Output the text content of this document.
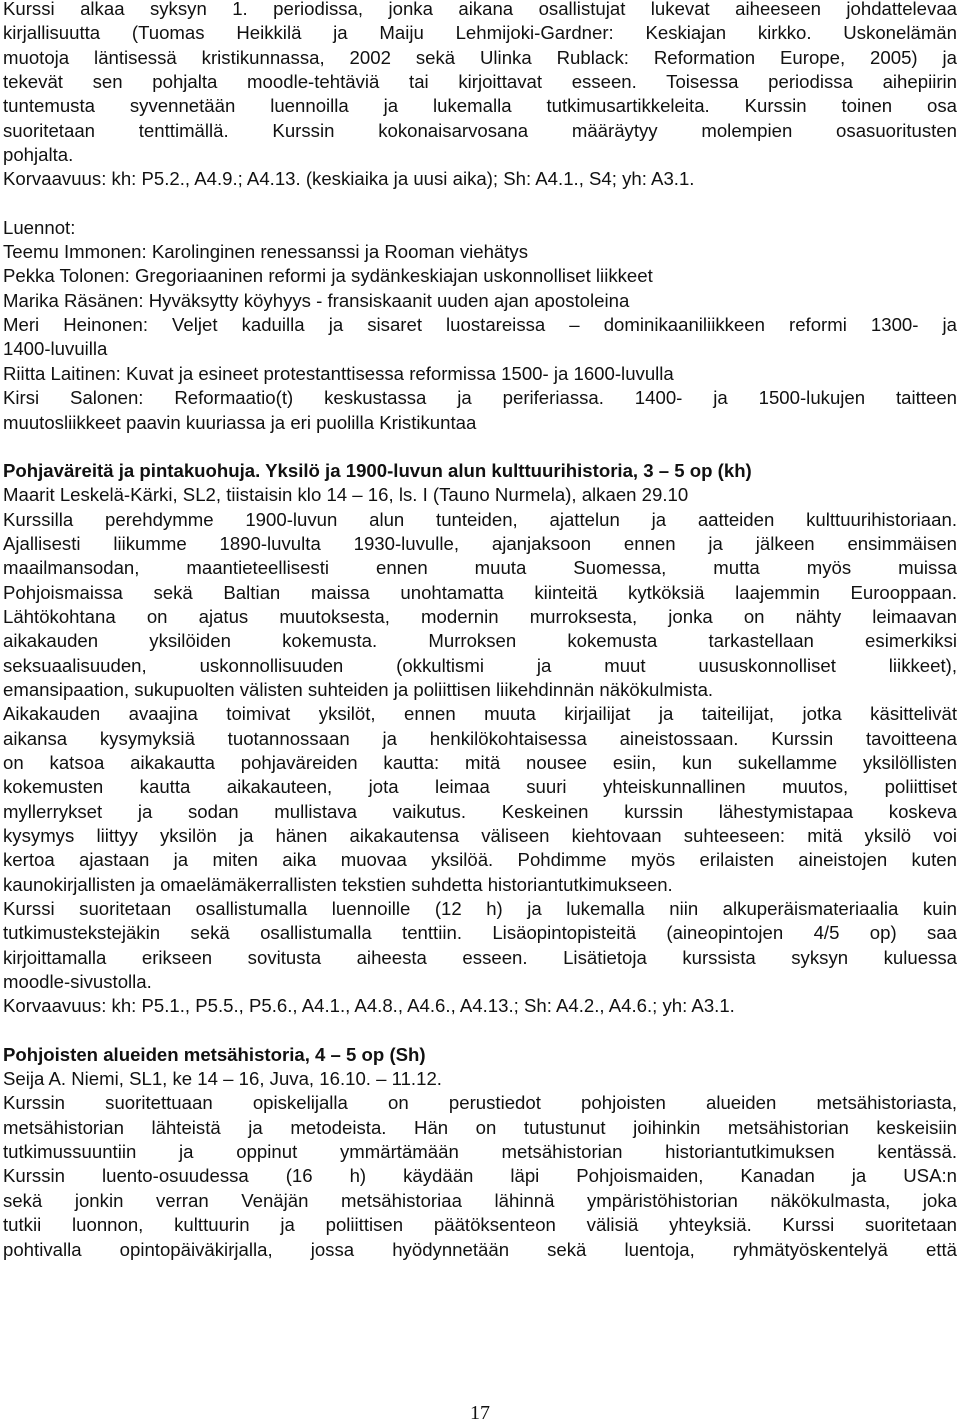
Kurssi alkaa syksyn 1. periodissa, jonka aikana osallistujat lukevat aiheeseen johdattelevaa
kirjallisuutta (Tuomas Heikkilä ja Maiju Lehmijoki-Gardner: Keskiajan kirkko. Uskonelämän
muotoja läntisessä kristikunnassa, 2002 sekä Ulinka Rublack: Reformation Europe, 2005) ja
tekevät sen pohjalta moodle-tehtäviä tai kirjoittavat esseen. Toisessa periodissa aihepiirin
tuntemusta syvennetään luennoilla ja lukemalla tutkimusartikkeleita. Kurssin toinen osa
suoritetaan tenttimällä. Kurssin kokonaisarvosana määräytyy molempien osasuoritusten
pohjalta.
Korvaavuus: kh: P5.2., A4.9.; A4.13. (keskiaika ja uusi aika); Sh: A4.1., S4; yh: A3.1.
Luennot:
Teemu Immonen: Karolinginen renessanssi ja Rooman viehätys
Pekka Tolonen: Gregoriaaninen reformi ja sydänkeskiajan uskonnolliset liikkeet
Marika Räsänen: Hyväksytty köyhyys - fransiskaanit uuden ajan apostoleina
Meri Heinonen: Veljet kaduilla ja sisaret luostareissa – dominikaaniliikkeen reformi 1300- ja
1400-luvuilla
Riitta Laitinen: Kuvat ja esineet protestanttisessa reformissa 1500- ja 1600-luvulla
Kirsi Salonen: Reformaatio(t) keskustassa ja periferiassa. 1400- ja 1500-lukujen taitteen
muutosliikkeet paavin kuuriassa ja eri puolilla Kristikuntaa
Pohjaväreitä ja pintakuohuja. Yksilö ja 1900-luvun alun kulttuurihistoria, 3 – 5 op (kh)
Maarit Leskelä-Kärki, SL2, tiistaisin klo 14 – 16, ls. I (Tauno Nurmela), alkaen 29.10
Kurssilla perehdymme 1900-luvun alun tunteiden, ajattelun ja aatteiden kulttuurihistoriaan.
Ajallisesti liikumme 1890-luvulta 1930-luvulle, ajanjaksoon ennen ja jälkeen ensimmäisen
maailmansodan, maantieteellisesti ennen muuta Suomessa, mutta myös muissa
Pohjoismaissa sekä Baltian maissa unohtamatta kiinteitä kytköksiä laajemmin Eurooppaan.
Lähtökohtana on ajatus muutoksesta, modernin murroksesta, jonka on nähty leimaavan
aikakauden yksilöiden kokemusta. Murroksen kokemusta tarkastellaan esimerkiksi
seksuaalisuuden, uskonnollisuuden (okkultismi ja muut uususkonnolliset liikkeet),
emansipaation, sukupuolten välisten suhteiden ja poliittisen liikehdinnän näkökulmista.
Aikakauden avaajina toimivat yksilöt, ennen muuta kirjailijat ja taiteilijat, jotka käsittelivät
aikansa kysymyksiä tuotannossaan ja henkilökohtaisessa aineistossaan. Kurssin tavoitteena
on katsoa aikakautta pohjaväreiden kautta: mitä nousee esiin, kun sukellamme yksilöllisten
kokemusten kautta aikakauteen, jota leimaa suuri yhteiskunnallinen muutos, poliittiset
myllerrykset ja sodan mullistava vaikutus. Keskeinen kurssin lähestymistapaa koskeva
kysymys liittyy yksilön ja hänen aikakautensa väliseen kiehtovaan suhteeseen: mitä yksilö voi
kertoa ajastaan ja miten aika muovaa yksilöä. Pohdimme myös erilaisten aineistojen kuten
kaunokirjallisten ja omaelämäkerrallisten tekstien suhdetta historiantutkimukseen.
Kurssi suoritetaan osallistumalla luennoille (12 h) ja lukemalla niin alkuperäismateriaalia kuin
tutkimustekstejäkin sekä osallistumalla tenttiin. Lisäopintopisteitä (aineopintojen 4/5 op) saa
kirjoittamalla erikseen sovitusta aiheesta esseen. Lisätietoja kurssista syksyn kuluessa
moodle-sivustolla.
Korvaavuus: kh: P5.1., P5.5., P5.6., A4.1., A4.8., A4.6., A4.13.; Sh: A4.2., A4.6.; yh: A3.1.
Pohjoisten alueiden metsähistoria, 4 – 5 op (Sh)
Seija A. Niemi, SL1, ke 14 – 16, Juva, 16.10. – 11.12.
Kurssin suoritettuaan opiskelijalla on perustiedot pohjoisten alueiden metsähistoriasta,
metsähistorian lähteistä ja metodeista. Hän on tutustunut joihinkin metsähistorian keskeisiin
tutkimussuuntiin ja oppinut ymmärtämään metsähistorian historiantutkimuksen kentässä.
Kurssin luento-osuudessa (16 h) käydään läpi Pohjoismaiden, Kanadan ja USA:n
sekä jonkin verran Venäjän metsähistoriaa lähinnä ympäristöhistorian näkökulmasta, joka
tutkii luonnon, kulttuurin ja poliittisen päätöksenteon välisiä yhteyksiä. Kurssi suoritetaan
pohtivalla opintopäiväkirjalla, jossa hyödynnetään sekä luentoja, ryhmätyöskentelyä että
17
